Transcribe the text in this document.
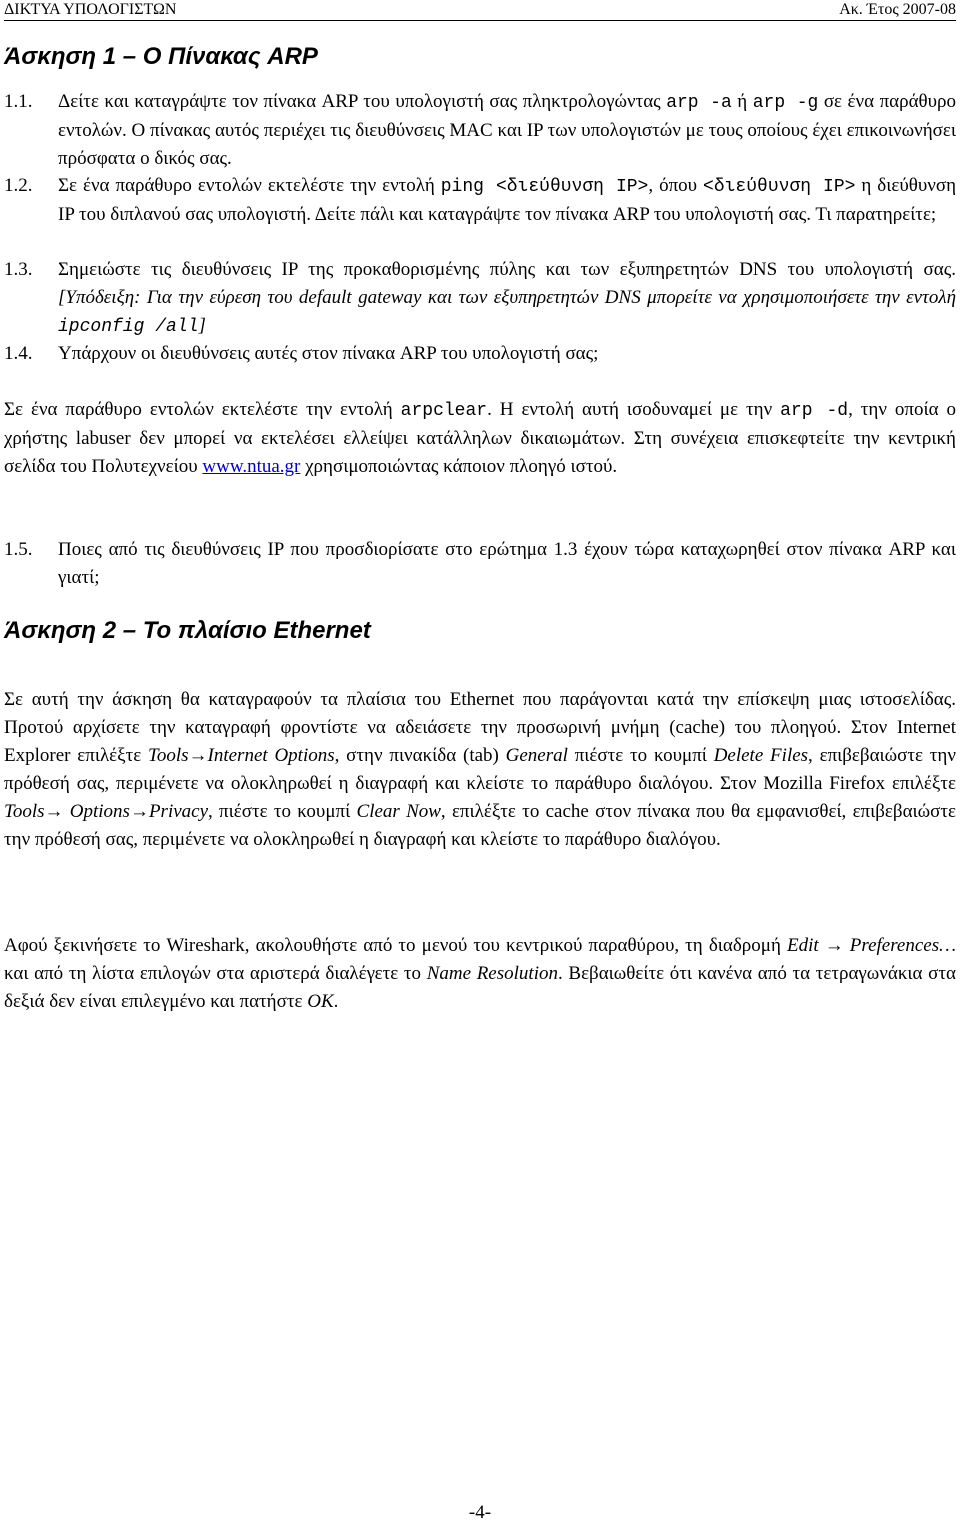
ΔΙΚΤΥΑ ΥΠΟΛΟΓΙΣΤΩΝ	Ακ. Έτος 2007-08
Άσκηση 1 – Ο Πίνακας ARP
1.1.	Δείτε και καταγράψτε τον πίνακα ARP του υπολογιστή σας πληκτρολογώντας arp -a ή arp -g σε ένα παράθυρο εντολών. Ο πίνακας αυτός περιέχει τις διευθύνσεις MAC και IP των υπολογιστών με τους οποίους έχει επικοινωνήσει πρόσφατα ο δικός σας.
1.2.	Σε ένα παράθυρο εντολών εκτελέστε την εντολή ping <διεύθυνση IP>, όπου <διεύθυνση IP> η διεύθυνση IP του διπλανού σας υπολογιστή. Δείτε πάλι και καταγράψτε τον πίνακα ARP του υπολογιστή σας. Τι παρατηρείτε;
1.3.	Σημειώστε τις διευθύνσεις IP της προκαθορισμένης πύλης και των εξυπηρετητών DNS του υπολογιστή σας. [Υπόδειξη: Για την εύρεση του default gateway και των εξυπηρετητών DNS μπορείτε να χρησιμοποιήσετε την εντολή ipconfig /all]
1.4.	Υπάρχουν οι διευθύνσεις αυτές στον πίνακα ARP του υπολογιστή σας;
Σε ένα παράθυρο εντολών εκτελέστε την εντολή arpclear. Η εντολή αυτή ισοδυναμεί με την arp -d, την οποία ο χρήστης labuser δεν μπορεί να εκτελέσει ελλείψει κατάλληλων δικαιωμάτων. Στη συνέχεια επισκεφτείτε την κεντρική σελίδα του Πολυτεχνείου www.ntua.gr χρησιμοποιώντας κάποιον πλοηγό ιστού.
1.5.	Ποιες από τις διευθύνσεις IP που προσδιορίσατε στο ερώτημα 1.3 έχουν τώρα καταχωρηθεί στον πίνακα ARP και γιατί;
Άσκηση 2 – Το πλαίσιο Ethernet
Σε αυτή την άσκηση θα καταγραφούν τα πλαίσια του Ethernet που παράγονται κατά την επίσκεψη μιας ιστοσελίδας. Προτού αρχίσετε την καταγραφή φροντίστε να αδειάσετε την προσωρινή μνήμη (cache) του πλοηγού. Στον Internet Explorer επιλέξτε Tools→Internet Options, στην πινακίδα (tab) General πιέστε το κουμπί Delete Files, επιβεβαιώστε την πρόθεσή σας, περιμένετε να ολοκληρωθεί η διαγραφή και κλείστε το παράθυρο διαλόγου. Στον Mozilla Firefox επιλέξτε Tools→ Options→Privacy, πιέστε το κουμπί Clear Now, επιλέξτε το cache στον πίνακα που θα εμφανισθεί, επιβεβαιώστε την πρόθεσή σας, περιμένετε να ολοκληρωθεί η διαγραφή και κλείστε το παράθυρο διαλόγου.
Αφού ξεκινήσετε το Wireshark, ακολουθήστε από το μενού του κεντρικού παραθύρου, τη διαδρομή Edit → Preferences… και από τη λίστα επιλογών στα αριστερά διαλέγετε το Name Resolution. Βεβαιωθείτε ότι κανένα από τα τετραγωνάκια στα δεξιά δεν είναι επιλεγμένο και πατήστε OK.
-4-
